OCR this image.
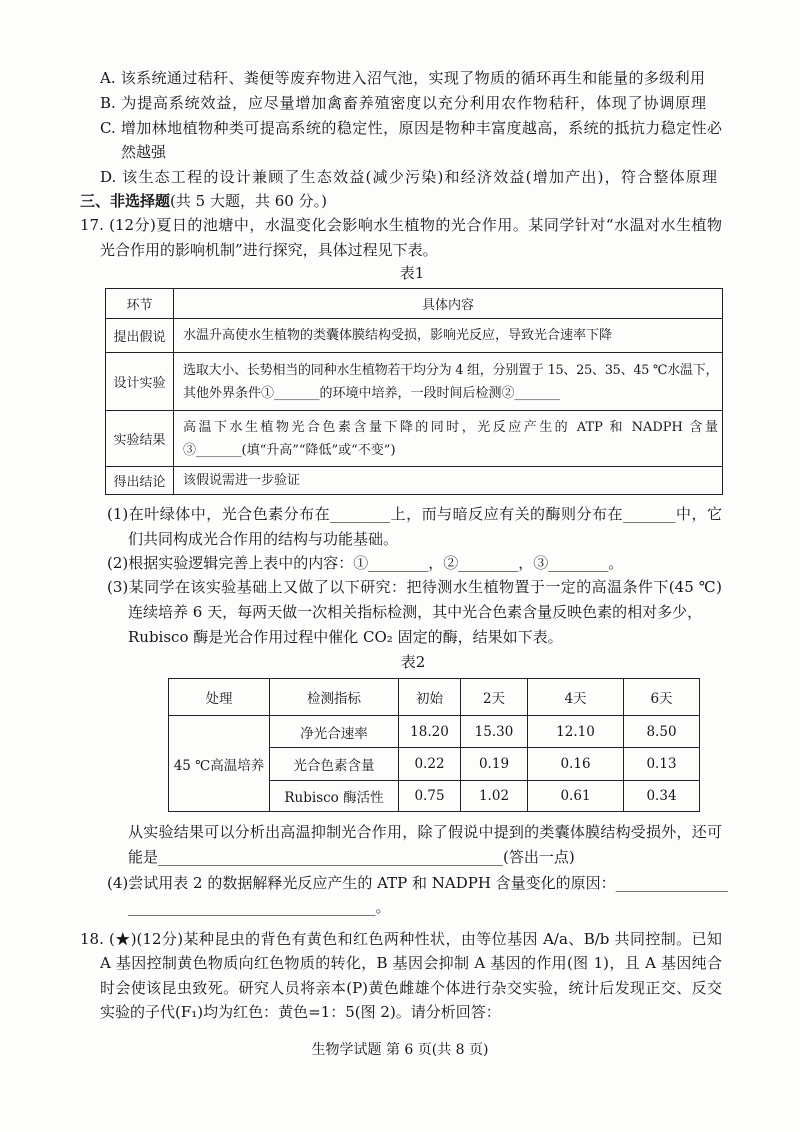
A. 该系统通过秸秆、粪便等废弃物进入沼气池，实现了物质的循环再生和能量的多级利用
B. 为提高系统效益，应尽量增加禽畜养殖密度以充分利用农作物秸秆，体现了协调原理
C. 增加林地植物种类可提高系统的稳定性，原因是物种丰富度越高，系统的抵抗力稳定性必
然越强
D. 该生态工程的设计兼顾了生态效益(减少污染)和经济效益(增加产出)，符合整体原理
三、非选择题(共 5 大题，共 60 分。)
17. (12分)夏日的池塘中，水温变化会影响水生植物的光合作用。某同学针对“水温对水生植物
光合作用的影响机制”进行探究，具体过程见下表。
表1
环节	具体内容
提出假说	水温升高使水生植物的类囊体膜结构受损，影响光反应，导致光合速率下降

设计实验	选取大小、长势相当的同种水生植物若干均分为 4 组，分别置于 15、25、35、45 ℃水温下，
其他外界条件①_______的环境中培养，一段时间后检测②_______

实验结果	高温下水生植物光合色素含量下降的同时，光反应产生的 ATP 和 NADPH 含量
③_______(填“升高”“降低”或“不变”)

得出结论	该假说需进一步验证
(1)在叶绿体中，光合色素分布在________上，而与暗反应有关的酶则分布在_______中，它
们共同构成光合作用的结构与功能基础。
(2)根据实验逻辑完善上表中的内容：①________，②________，③________。
(3)某同学在该实验基础上又做了以下研究：把待测水生植物置于一定的高温条件下(45 ℃)
连续培养 6 天，每两天做一次相关指标检测，其中光合色素含量反映色素的相对多少，
Rubisco 酶是光合作用过程中催化 CO₂ 固定的酶，结果如下表。
表2
处理	检测指标	初始	2天	4天	6天
45 ℃高温培养	净光合速率	18.20	15.30	12.10	8.50
	光合色素含量	0.22	0.19	0.16	0.13
	Rubisco 酶活性	0.75	1.02	0.61	0.34
从实验结果可以分析出高温抑制光合作用，除了假说中提到的类囊体膜结构受损外，还可
能是______________________________________________(答出一点)
(4)尝试用表 2 的数据解释光反应产生的 ATP 和 NADPH 含量变化的原因：_______________
_________________________________。
18. (★)(12分)某种昆虫的背色有黄色和红色两种性状，由等位基因 A/a、B/b 共同控制。已知
A 基因控制黄色物质向红色物质的转化，B 基因会抑制 A 基因的作用(图 1)，且 A 基因纯合
时会使该昆虫致死。研究人员将亲本(P)黄色雌雄个体进行杂交实验，统计后发现正交、反交
实验的子代(F₁)均为红色：黄色=1：5(图 2)。请分析回答：
生物学试题 第 6 页(共 8 页)
